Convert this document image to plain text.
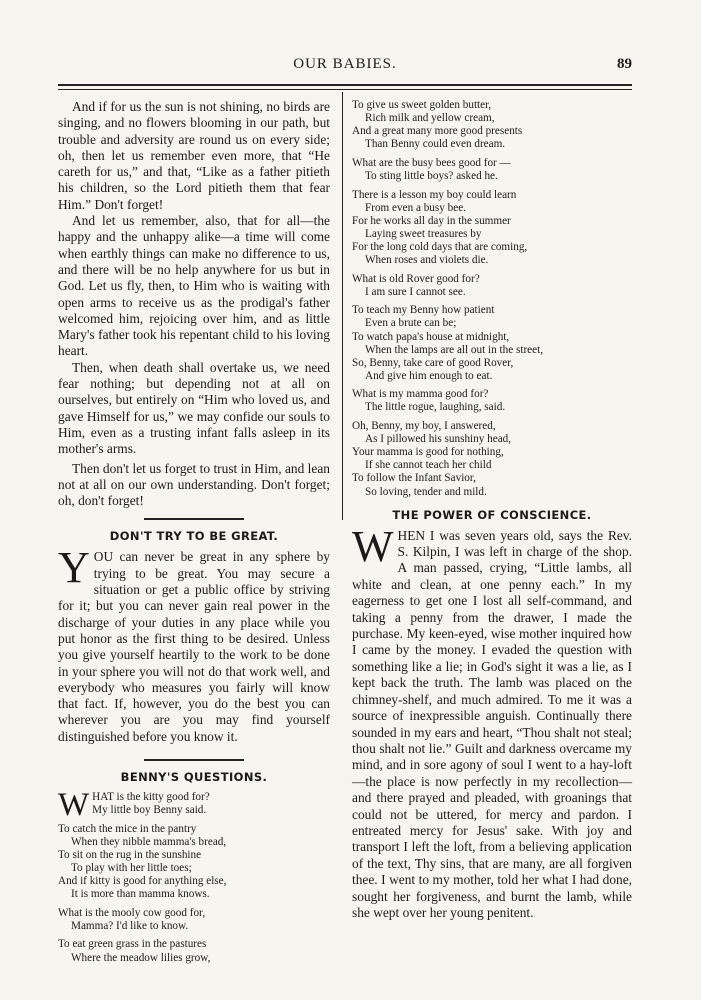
OUR BABIES.	89

And if for us the sun is not shining, no birds are singing, and no flowers blooming in our path, but trouble and adversity are round us on every side; oh, then let us remember even more, that “He careth for us,” and that, “Like as a father pitieth his children, so the Lord pitieth them that fear Him.” Don't forget!

And let us remember, also, that for all—the happy and the unhappy alike—a time will come when earthly things can make no difference to us, and there will be no help anywhere for us but in God. Let us fly, then, to Him who is waiting with open arms to receive us as the prodigal's father welcomed him, rejoicing over him, and as little Mary's father took his repentant child to his loving heart.

Then, when death shall overtake us, we need fear nothing; but depending not at all on ourselves, but entirely on “Him who loved us, and gave Himself for us,” we may confide our souls to Him, even as a trusting infant falls asleep in its mother's arms.

Then don't let us forget to trust in Him, and lean not at all on our own understanding. Don't forget; oh, don't forget!

DON'T TRY TO BE GREAT.
Y OU can never be great in any sphere by trying to be great. You may secure a situation or get a public office by striving for it; but you can never gain real power in the discharge of your duties in any place while you put honor as the first thing to be desired. Unless you give yourself heartily to the work to be done in your sphere you will not do that work well, and everybody who measures you fairly will know that fact. If, however, you do the best you can wherever you are you may find yourself distinguished before you know it.

BENNY'S QUESTIONS.
W HAT is the kitty good for?
My little boy Benny said.
To catch the mice in the pantry
When they nibble mamma's bread,
To sit on the rug in the sunshine
To play with her little toes;
And if kitty is good for anything else,
It is more than mamma knows.
What is the mooly cow good for,
Mamma? I'd like to know.
To eat green grass in the pastures
Where the meadow lilies grow,
To give us sweet golden butter,
Rich milk and yellow cream,
And a great many more good presents
Than Benny could even dream.
What are the busy bees good for —
To sting little boys? asked he.
There is a lesson my boy could learn
From even a busy bee.
For he works all day in the summer
Laying sweet treasures by
For the long cold days that are coming,
When roses and violets die.
What is old Rover good for?
I am sure I cannot see.
To teach my Benny how patient
Even a brute can be;
To watch papa's house at midnight,
When the lamps are all out in the street,
So, Benny, take care of good Rover,
And give him enough to eat.
What is my mamma good for?
The little rogue, laughing, said.
Oh, Benny, my boy, I answered,
As I pillowed his sunshiny head,
Your mamma is good for nothing,
If she cannot teach her child
To follow the Infant Savior,
So loving, tender and mild.
THE POWER OF CONSCIENCE.
W HEN I was seven years old, says the Rev. S. Kilpin, I was left in charge of the shop. A man passed, crying, “Little lambs, all white and clean, at one penny each.” In my eagerness to get one I lost all self-command, and taking a penny from the drawer, I made the purchase. My keen-eyed, wise mother inquired how I came by the money. I evaded the question with something like a lie; in God's sight it was a lie, as I kept back the truth. The lamb was placed on the chimney-shelf, and much admired. To me it was a source of inexpressible anguish. Continually there sounded in my ears and heart, “Thou shalt not steal; thou shalt not lie.” Guilt and darkness overcame my mind, and in sore agony of soul I went to a hay-loft—the place is now perfectly in my recollection—and there prayed and pleaded, with groanings that could not be uttered, for mercy and pardon. I entreated mercy for Jesus' sake. With joy and transport I left the loft, from a believing application of the text, Thy sins, that are many, are all forgiven thee. I went to my mother, told her what I had done, sought her forgiveness, and burnt the lamb, while she wept over her young penitent.
